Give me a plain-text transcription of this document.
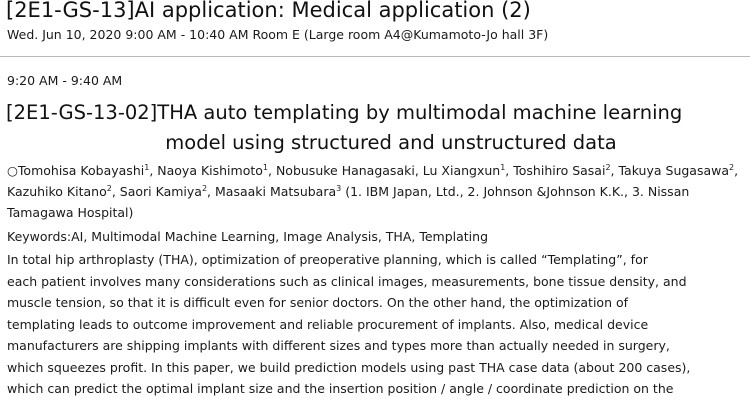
[2E1-GS-13]AI application: Medical application (2)
Wed. Jun 10, 2020 9:00 AM - 10:40 AM Room E (Large room A4@Kumamoto-Jo hall 3F)
9:20 AM - 9:40 AM
[2E1-GS-13-02]THA auto templating by multimodal machine learning
model using structured and unstructured data
○Tomohisa Kobayashi$^1$, Naoya Kishimoto$^1$, Nobusuke Hanagasaki, Lu Xiangxun$^1$, Toshihiro Sasai$^2$, Takuya Sugasawa$^2$, Kazuhiko Kitano$^2$, Saori Kamiya$^2$, Masaaki Matsubara$^3$ (1. IBM Japan, Ltd., 2. Johnson &Johnson K.K., 3. Nissan Tamagawa Hospital)
Keywords:AI, Multimodal Machine Learning, Image Analysis, THA, Templating
In total hip arthroplasty (THA), optimization of preoperative planning, which is called “Templating”, for
each patient involves many considerations such as clinical images, measurements, bone tissue density, and
muscle tension, so that it is difficult even for senior doctors. On the other hand, the optimization of
templating leads to outcome improvement and reliable procurement of implants. Also, medical device
manufacturers are shipping implants with different sizes and types more than actually needed in surgery,
which squeezes profit. In this paper, we build prediction models using past THA case data (about 200 cases),
which can predict the optimal implant size and the insertion position / angle / coordinate prediction on the
